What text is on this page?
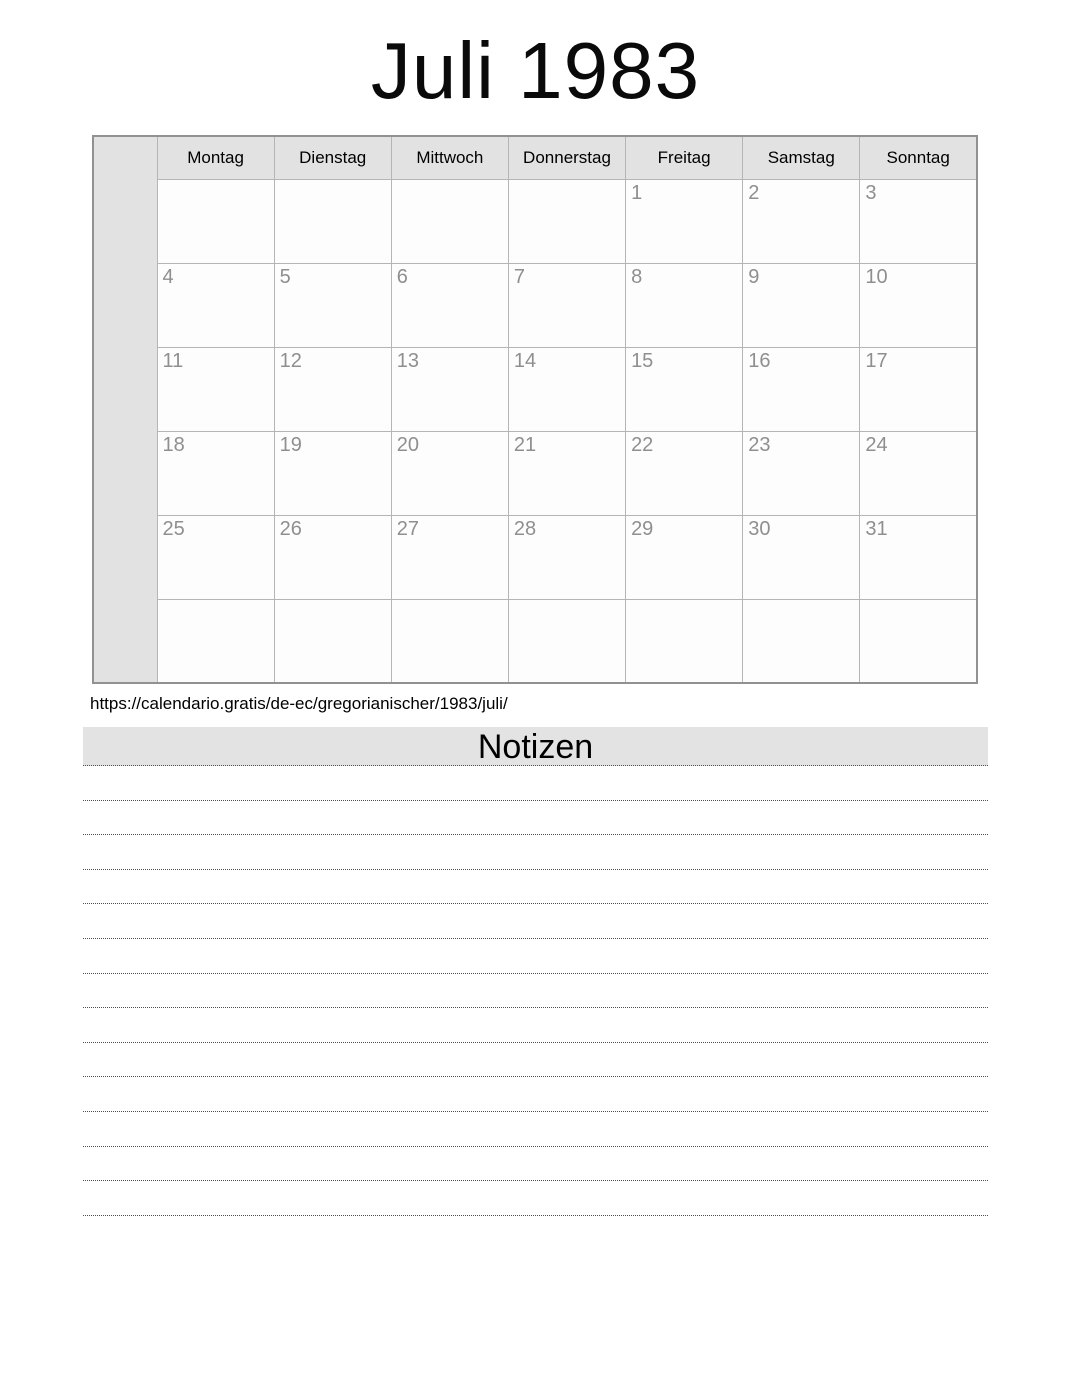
Juli 1983
	Montag	Dienstag	Mittwoch	Donnerstag	Freitag	Samstag	Sonntag
					1	2	3
	4	5	6	7	8	9	10
	11	12	13	14	15	16	17
	18	19	20	21	22	23	24
	25	26	27	28	29	30	31

https://calendario.gratis/de-ec/gregorianischer/1983/juli/
Notizen
